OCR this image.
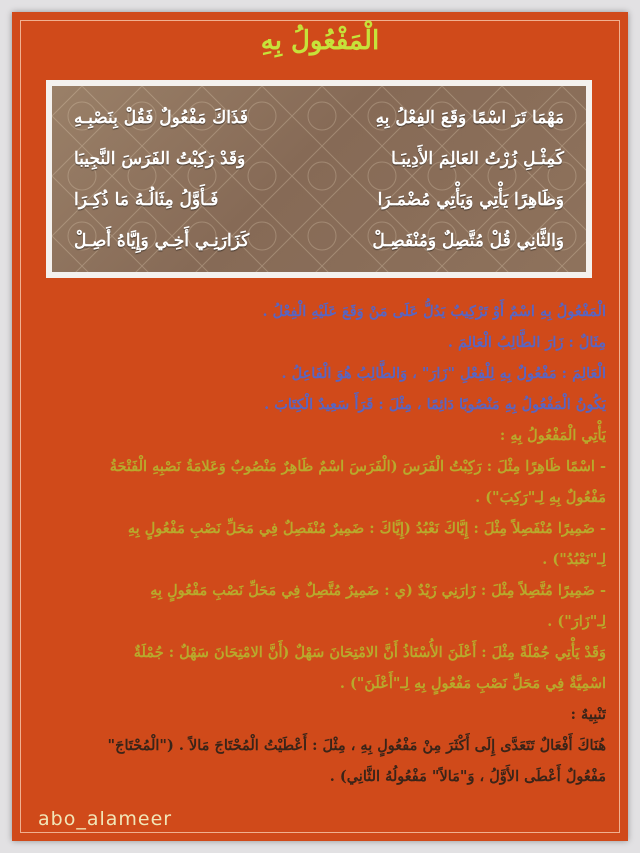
الْمَفْعُولُ بِهِ
مَهْمَا تَرَ اسْمًا وَقَعَ الفِعْلُ بِهِ
فَذَاكَ مَفْعُولٌ فَقُلْ بِنَصْبِـهِ
كَمِثْـلِ زُرْتُ العَالِمَ الأَدِيبَـا
وَقَدْ رَكِبْتُ الفَرَسَ النَّجِيبَا
وَظَاهِرًا يَأْتِي وَيَأْتِي مُضْمَـرَا
فَـأَوَّلُ مِثَالُـهُ مَا ذُكِـرَا
وَالثَّانِي قُلْ مُتَّصِلٌ وَمُنْفَصِـلْ
كَزَارَنِـي أَخِـي وَإِيَّاهُ أَصِـلْ

الْمَفْعُولُ بِهِ اسْمٌ أَوْ تَرْكِيبٌ يَدُلُّ عَلَى مَنْ وَقَعَ عَلَيْهِ الْفِعْلُ .

مِثَالٌ : زَارَ الطَّالِبُ الْعَالِمَ .

الْعَالِمَ : مَفْعُولٌ بِهِ لِلْفِعْلِ "زَارَ" ، وَالطَّالِبُ هُوَ الْفَاعِلُ .

يَكُونُ الْمَفْعُولُ بِهِ مَنْصُوبًا دَائِمًا ، مِثْلَ : قَرَأَ سَعِيدٌ الْكِتَابَ .

يَأْتِي الْمَفْعُولُ بِهِ :

- اسْمًا ظَاهِرًا مِثْلَ : رَكِبْتُ الْفَرَسَ (الْفَرَسَ اسْمٌ ظَاهِرٌ مَنْصُوبٌ وَعَلامَةُ نَصْبِهِ الْفَتْحَةُ

مَفْعُولٌ بِهِ لِـ"رَكِبَ") .

- ضَمِيرًا مُنْفَصِلاً مِثْلَ : إِيَّاكَ نَعْبُدُ (إِيَّاكَ : ضَمِيرٌ مُنْفَصِلٌ فِي مَحَلِّ نَصْبِ مَفْعُولٍ بِهِ

لِـ"نَعْبُدُ") .

- ضَمِيرًا مُتَّصِلاً مِثْلَ : زَارَنِي زَيْدٌ (ي : ضَمِيرٌ مُتَّصِلٌ فِي مَحَلِّ نَصْبِ مَفْعُولٍ بِهِ

لِـ"زَارَ") .

وَقَدْ يَأْتِي جُمْلَةً مِثْلَ : أَعْلَنَ الأُسْتَاذُ أَنَّ الامْتِحَانَ سَهْلٌ (أَنَّ الامْتِحَانَ سَهْلٌ : جُمْلَةٌ

اسْمِيَّةٌ فِي مَحَلِّ نَصْبِ مَفْعُولٍ بِهِ لِـ"أَعْلَنَ") .

تَنْبِيهٌ :

هُنَاكَ أَفْعَالٌ تَتَعَدَّى إِلَى أَكْثَرَ مِنْ مَفْعُولٍ بِهِ ، مِثْلَ : أَعْطَيْتُ الْمُحْتَاجَ مَالاً . ("الْمُحْتَاجَ"

مَفْعُولٌ أَعْطَى الأَوَّلُ ، وَ"مَالاً" مَفْعُولُهُ الثَّانِي) .

abo_alameer
